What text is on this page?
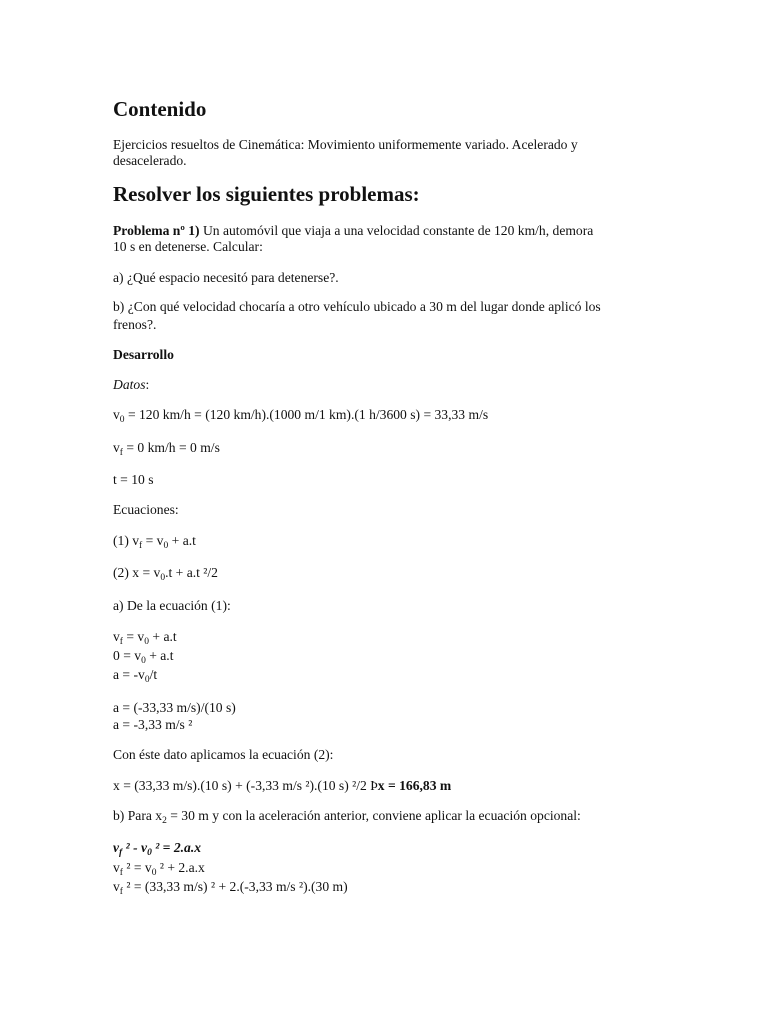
Contenido
Ejercicios resueltos de Cinemática: Movimiento uniformemente variado. Acelerado y
desacelerado.
Resolver los siguientes problemas:
Problema nº 1) Un automóvil que viaja a una velocidad constante de 120 km/h, demora
10 s en detenerse. Calcular:
a) ¿Qué espacio necesitó para detenerse?.
b) ¿Con qué velocidad chocaría a otro vehículo ubicado a 30 m del lugar donde aplicó los
frenos?.
Desarrollo
Datos:
$v_0 = 120$ km/h = (120 km/h).(1000 m/1 km).(1 h/3600 s) = 33,33 m/s
$v_f = 0$ km/h = 0 m/s
t = 10 s
Ecuaciones:
(1) $v_f = v_0 + a.t$
(2) $x = v_0.t + a.t$ ²/2
a) De la ecuación (1):
$v_f = v_0 + a.t$
$0 = v_0 + a.t$
$a = -v_0/t$
a = (-33,33 m/s)/(10 s)
a = -3,33 m/s ²
Con éste dato aplicamos la ecuación (2):
x = (33,33 m/s).(10 s) + (-3,33 m/s ²).(10 s) ²/2 Þx = 166,83 m
b) Para $x_2 = 30$ m y con la aceleración anterior, conviene aplicar la ecuación opcional:
$v_f$ $^2 - v_0$ ² = 2.a.x
$v_f$ $^2 = v_0$ ² + 2.a.x
$v_f$ ² = (33,33 m/s) ² + 2.(-3,33 m/s ²).(30 m)
